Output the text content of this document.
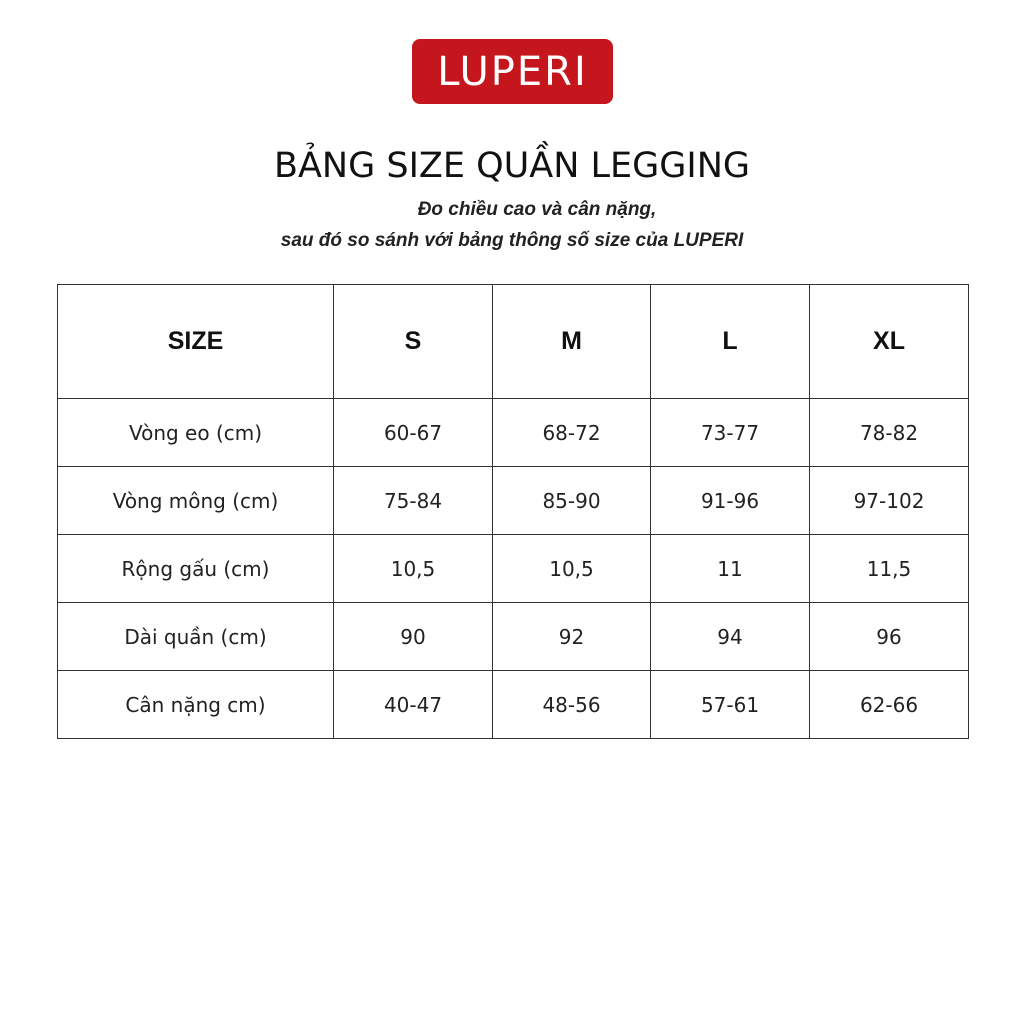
LUPERI
BẢNG SIZE QUẦN LEGGING
Đo chiều cao và cân nặng,
sau đó so sánh với bảng thông số size của LUPERI
SIZE	S	M	L	XL
Vòng eo (cm)	60-67	68-72	73-77	78-82
Vòng mông (cm)	75-84	85-90	91-96	97-102
Rộng gấu (cm)	10,5	10,5	11	11,5
Dài quần (cm)	90	92	94	96
Cân nặng cm)	40-47	48-56	57-61	62-66
